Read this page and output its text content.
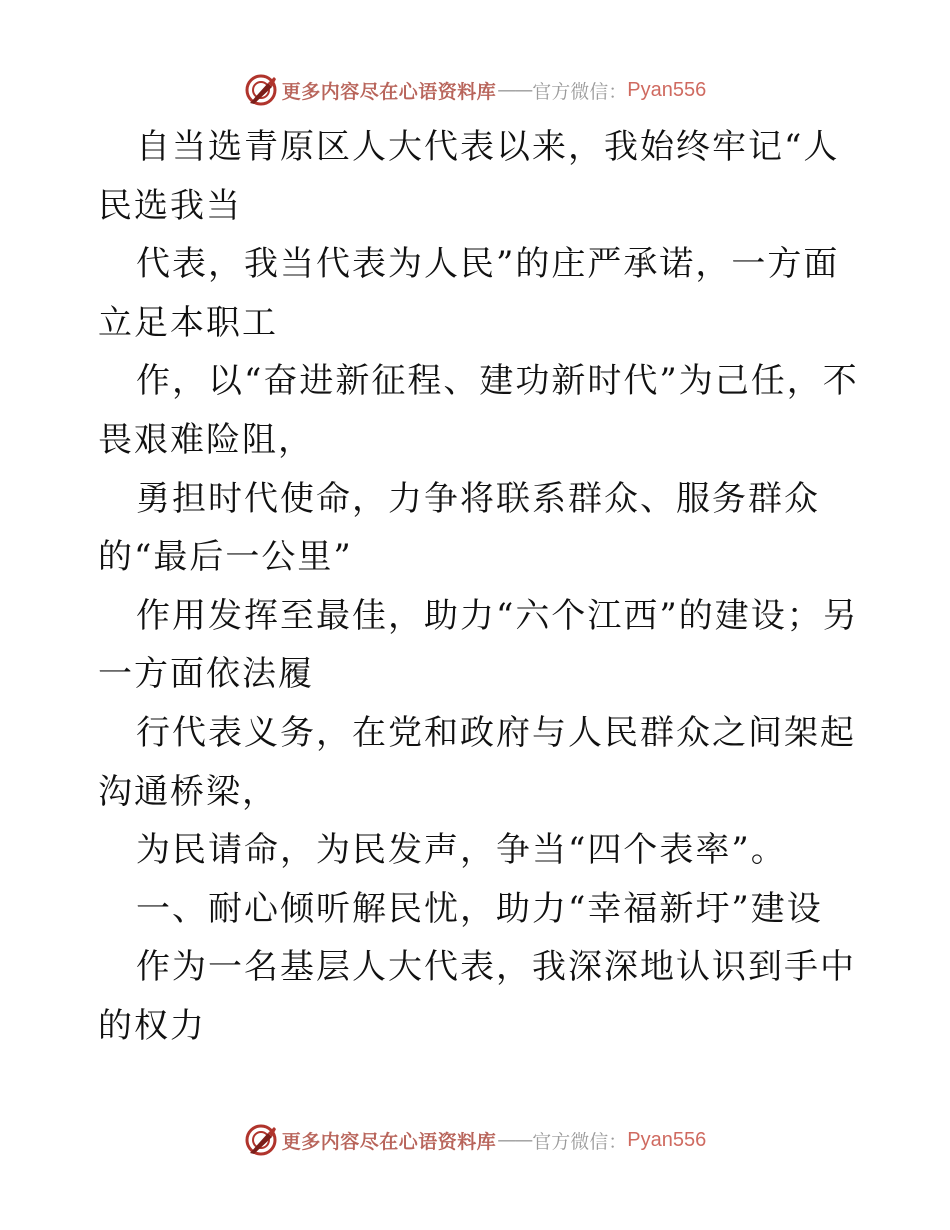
更多内容尽在心语资料库 —— 官方微信： Pyan556

自当选青原区人大代表以来，我始终牢记“人民选我当

代表，我当代表为人民”的庄严承诺，一方面立足本职工

作，以“奋进新征程、建功新时代”为己任，不畏艰难险阻，

勇担时代使命，力争将联系群众、服务群众的“最后一公里”

作用发挥至最佳，助力“六个江西”的建设；另一方面依法履

行代表义务，在党和政府与人民群众之间架起沟通桥梁，

为民请命，为民发声，争当“四个表率”。

一、耐心倾听解民忧，助力“幸福新圩”建设

作为一名基层人大代表，我深深地认识到手中的权力

更多内容尽在心语资料库 —— 官方微信： Pyan556
